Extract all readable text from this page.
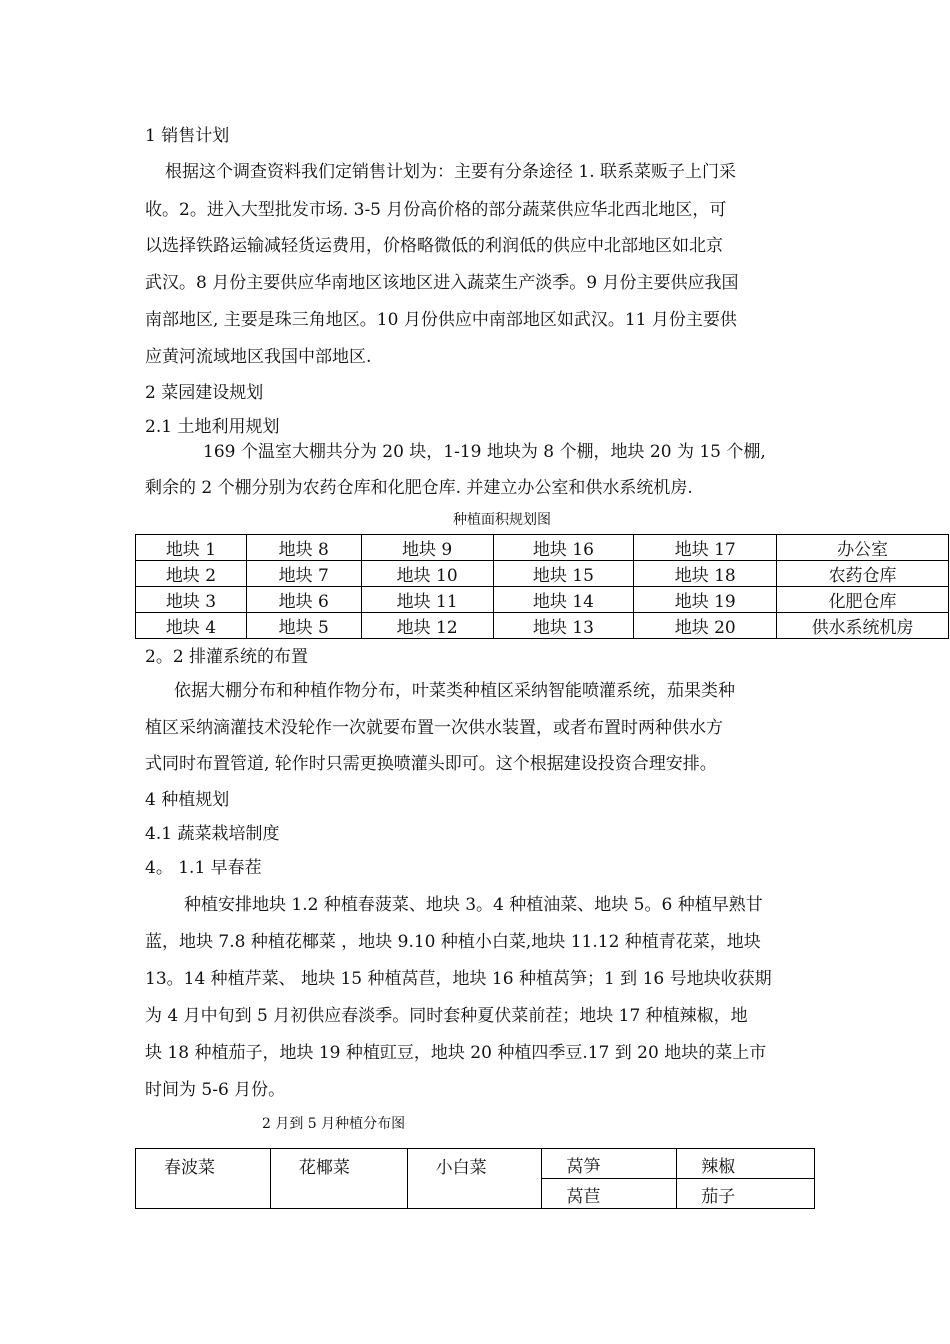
1 销售计划
根据这个调查资料我们定销售计划为：主要有分条途径 1. 联系菜贩子上门采
收。2。进入大型批发市场. 3-5 月份高价格的部分蔬菜供应华北西北地区，可
以选择铁路运输减轻货运费用，价格略微低的利润低的供应中北部地区如北京
武汉。8 月份主要供应华南地区该地区进入蔬菜生产淡季。9 月份主要供应我国
南部地区, 主要是珠三角地区。10 月份供应中南部地区如武汉。11 月份主要供
应黄河流域地区我国中部地区.
2 菜园建设规划
2.1 土地利用规划
169 个温室大棚共分为 20 块，1-19 地块为 8 个棚，地块 20 为 15 个棚,
剩余的 2 个棚分别为农药仓库和化肥仓库. 并建立办公室和供水系统机房.
种植面积规划图
地块 1	地块 8	地块 9	地块 16	地块 17	办公室
地块 2	地块 7	地块 10	地块 15	地块 18	农药仓库
地块 3	地块 6	地块 11	地块 14	地块 19	化肥仓库
地块 4	地块 5	地块 12	地块 13	地块 20	供水系统机房
2。2 排灌系统的布置
依据大棚分布和种植作物分布，叶菜类种植区采纳智能喷灌系统，茄果类种
植区采纳滴灌技术没轮作一次就要布置一次供水装置，或者布置时两种供水方
式同时布置管道, 轮作时只需更换喷灌头即可。这个根据建设投资合理安排。
4 种植规划
4.1 蔬菜栽培制度
4。 1.1 早春茬
种植安排地块 1.2 种植春菠菜、地块 3。4 种植油菜、地块 5。6 种植早熟甘
蓝，地块 7.8 种植花椰菜 ，地块 9.10 种植小白菜,地块 11.12 种植青花菜，地块
13。14 种植芹菜、 地块 15 种植莴苣，地块 16 种植莴笋；1 到 16 号地块收获期
为 4 月中旬到 5 月初供应春淡季。同时套种夏伏菜前茬；地块 17 种植辣椒，地
块 18 种植茄子，地块 19 种植豇豆，地块 20 种植四季豆.17 到 20 地块的菜上市
时间为 5-6 月份。
2 月到 5 月种植分布图
春波菜	花椰菜	小白菜	莴笋	辣椒
			莴苣	茄子
